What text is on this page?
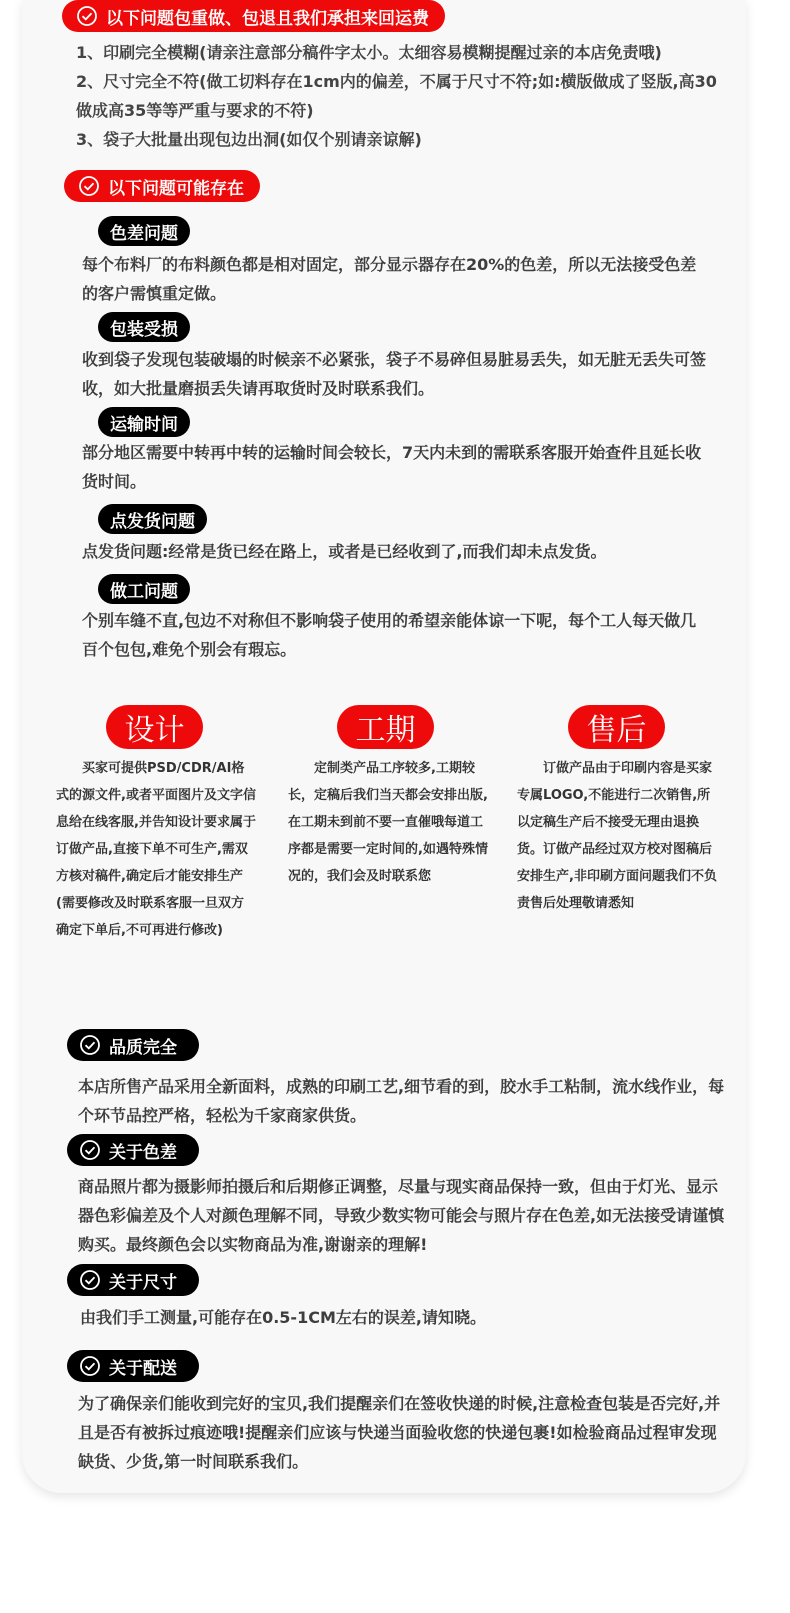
以下问题包重做、包退且我们承担来回运费

1、印刷完全模糊(请亲注意部分稿件字太小。太细容易模糊提醒过亲的本店免责哦)

2、尺寸完全不符(做工切料存在1cm内的偏差，不属于尺寸不符;如:横版做成了竖版,高30做成高35等等严重与要求的不符)

3、袋子大批量出现包边出洞(如仅个别请亲谅解)

以下问题可能存在
色差问题

每个布料厂的布料颜色都是相对固定，部分显示器存在20%的色差，所以无法接受色差的客户需慎重定做。

包装受损

收到袋子发现包装破塌的时候亲不必紧张，袋子不易碎但易脏易丢失，如无脏无丢失可签收，如大批量磨损丢失请再取货时及时联系我们。

运输时间

部分地区需要中转再中转的运输时间会较长，7天内未到的需联系客服开始查件且延长收货时间。

点发货问题

点发货问题:经常是货已经在路上，或者是已经收到了,而我们却未点发货。

做工问题

个别车缝不直,包边不对称但不影响袋子使用的希望亲能体谅一下呢，每个工人每天做几百个包包,难免个别会有瑕忘。

设计

买家可提供PSD/CDR/AI格式的源文件,或者平面图片及文字信息给在线客服,并告知设计要求属于订做产品,直接下单不可生产,需双方核对稿件,确定后才能安排生产(需要修改及时联系客服一旦双方确定下单后,不可再进行修改)

工期

定制类产品工序较多,工期较长，定稿后我们当天都会安排出版,在工期未到前不要一直催哦每道工序都是需要一定时间的,如遇特殊情况的，我们会及时联系您

售后

订做产品由于印刷内容是买家专属LOGO,不能进行二次销售,所以定稿生产后不接受无理由退换货。订做产品经过双方校对图稿后安排生产,非印刷方面问题我们不负责售后处理敬请悉知

品质完全

本店所售产品采用全新面料，成熟的印刷工艺,细节看的到，胶水手工粘制，流水线作业，每个环节品控严格，轻松为千家商家供货。

关于色差

商品照片都为摄影师拍摄后和后期修正调整，尽量与现实商品保持一致，但由于灯光、显示器色彩偏差及个人对颜色理解不同，导致少数实物可能会与照片存在色差,如无法接受请谨慎购买。最终颜色会以实物商品为准,谢谢亲的理解!

关于尺寸

由我们手工测量,可能存在0.5-1CM左右的误差,请知晓。

关于配送

为了确保亲们能收到完好的宝贝,我们提醒亲们在签收快递的时候,注意检查包装是否完好,并且是否有被拆过痕迹哦!提醒亲们应该与快递当面验收您的快递包裹!如检验商品过程审发现缺货、少货,第一时间联系我们。
